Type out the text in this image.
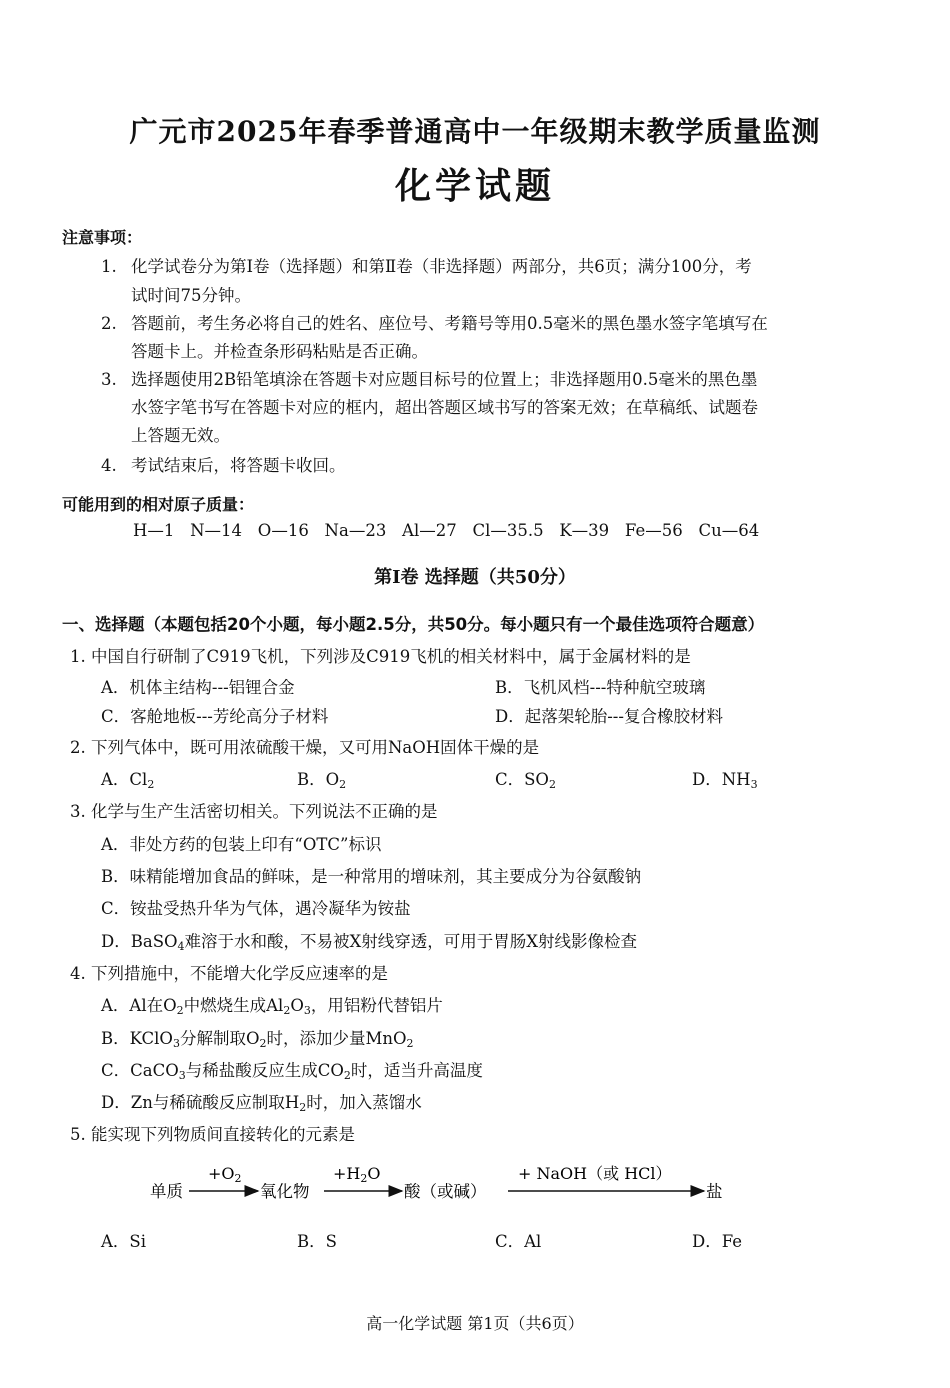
广元市2025年春季普通高中一年级期末教学质量监测
化学试题
注意事项：
1. 化学试卷分为第Ⅰ卷（选择题）和第Ⅱ卷（非选择题）两部分，共6页；满分100分，考
试时间75分钟。
2. 答题前，考生务必将自己的姓名、座位号、考籍号等用0.5毫米的黑色墨水签字笔填写在
答题卡上。并检查条形码粘贴是否正确。
3. 选择题使用2B铅笔填涂在答题卡对应题目标号的位置上；非选择题用0.5毫米的黑色墨
水签字笔书写在答题卡对应的框内，超出答题区域书写的答案无效；在草稿纸、试题卷
上答题无效。
4. 考试结束后，将答题卡收回。
可能用到的相对原子质量：
H—1   N—14   O—16   Na—23   Al—27   Cl—35.5   K—39   Fe—56   Cu—64
第Ⅰ卷 选择题（共50分）
一、选择题（本题包括20个小题，每小题2.5分，共50分。每小题只有一个最佳选项符合题意）
1. 中国自行研制了C919飞机，下列涉及C919飞机的相关材料中，属于金属材料的是
A．机体主结构---铝锂合金	B．飞机风档---特种航空玻璃
C．客舱地板---芳纶高分子材料	D．起落架轮胎---复合橡胶材料
2. 下列气体中，既可用浓硫酸干燥，又可用NaOH固体干燥的是
A．$Cl_2$	B．$O_2$	C．$SO_2$	D．$NH_3$
3. 化学与生产生活密切相关。下列说法不正确的是
A．非处方药的包装上印有“OTC”标识
B．味精能增加食品的鲜味，是一种常用的增味剂，其主要成分为谷氨酸钠
C．铵盐受热升华为气体，遇冷凝华为铵盐
D．BaSO$_4$难溶于水和酸，不易被X射线穿透，可用于胃肠X射线影像检查
4. 下列措施中，不能增大化学反应速率的是
A．Al在$O_2$中燃烧生成$Al_2O_3$，用铝粉代替铝片
B．KClO$_3$分解制取$O_2$时，添加少量MnO$_2$
C．CaCO$_3$与稀盐酸反应生成$CO_2$时，适当升高温度
D．Zn与稀硫酸反应制取$H_2$时，加入蒸馏水
5. 能实现下列物质间直接转化的元素是
单质
+O2
氧化物
+H2O
酸（或碱）
+ NaOH（或 HCl）
盐
A．Si	B．S	C．Al	D．Fe
高一化学试题 第1页（共6页）
